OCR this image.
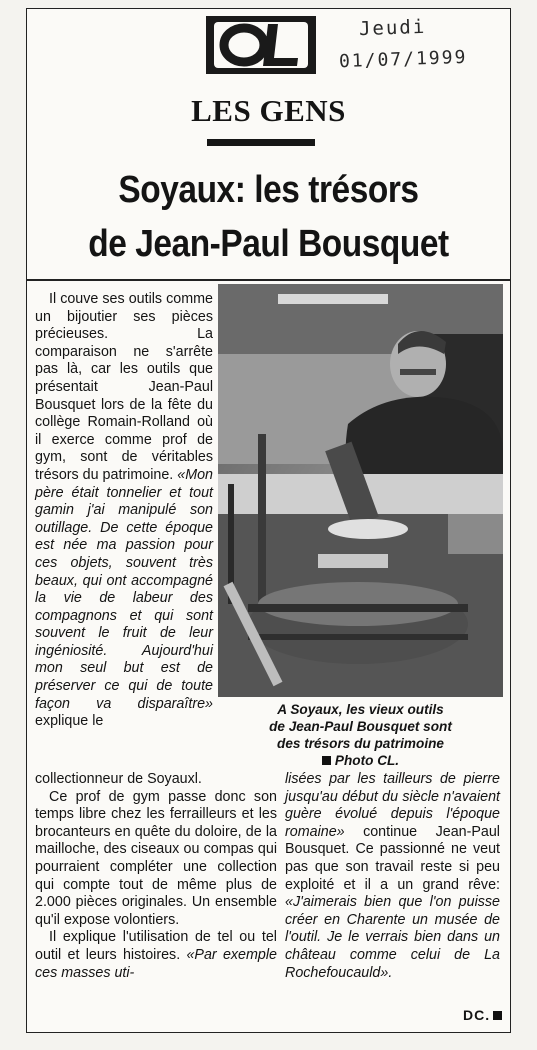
Jeudi
01/07/1999
LES GENS
Soyaux: les trésors
de Jean-Paul Bousquet

Il couve ses outils comme un bijoutier ses pièces précieuses. La comparaison ne s'arrête pas là, car les outils que présentait Jean-Paul Bousquet lors de la fête du collège Romain-Rolland où il exerce comme prof de gym, sont de véritables trésors du patrimoine. «Mon père était tonnelier et tout gamin j'ai manipulé son outillage. De cette époque est née ma passion pour ces objets, souvent très beaux, qui ont accompagné la vie de labeur des compagnons et qui sont souvent le fruit de leur ingéniosité. Aujourd'hui mon seul but est de préserver ce qui de toute façon va disparaître» explique le

A Soyaux, les vieux outils
de Jean-Paul Bousquet sont
des trésors du patrimoine
Photo CL.

collectionneur de Soyauxl.

Ce prof de gym passe donc son temps libre chez les ferrailleurs et les brocanteurs en quête du doloire, de la mailloche, des ciseaux ou compas qui pourraient compléter une collection qui compte tout de même plus de 2.000 pièces originales. Un ensemble qu'il expose volontiers.

Il explique l'utilisation de tel ou tel outil et leurs histoires. «Par exemple ces masses uti-

lisées par les tailleurs de pierre jusqu'au début du siècle n'avaient guère évolué depuis l'époque romaine» continue Jean-Paul Bousquet. Ce passionné ne veut pas que son travail reste si peu exploité et il a un grand rêve: «J'aimerais bien que l'on puisse créer en Charente un musée de l'outil. Je le verrais bien dans un château comme celui de La Rochefoucauld».

DC.
